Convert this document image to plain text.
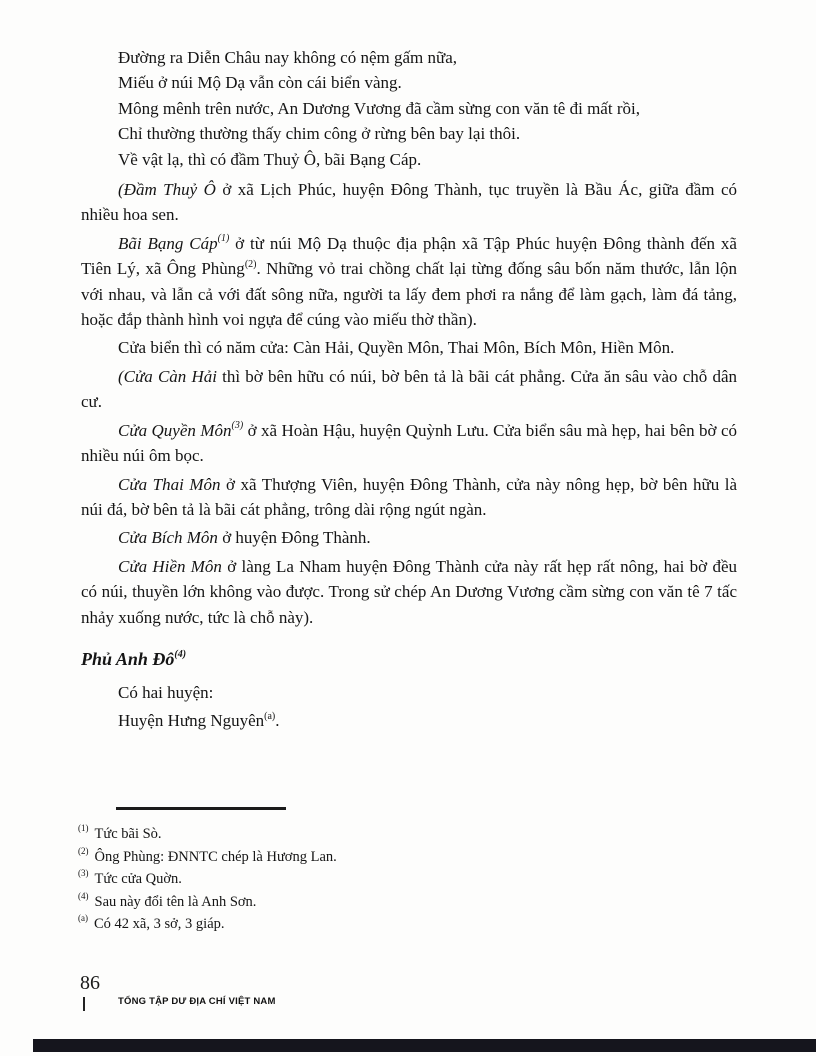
Đường ra Diễn Châu nay không có nệm gấm nữa,
Miếu ở núi Mộ Dạ vẫn còn cái biển vàng.
Mông mênh trên nước, An Dương Vương đã cầm sừng con văn tê đi mất rồi,
Chỉ thường thường thấy chim công ở rừng bên bay lại thôi.
Về vật lạ, thì có đầm Thuỷ Ô, bãi Bạng Cáp.
(Đầm Thuỷ Ô ở xã Lịch Phúc, huyện Đông Thành, tục truyền là Bầu Ác, giữa đầm có nhiều hoa sen.
Bãi Bạng Cáp$^{(1)}$ ở từ núi Mộ Dạ thuộc địa phận xã Tập Phúc huyện Đông thành đến xã Tiên Lý, xã Ông Phùng$^{(2)}$. Những vỏ trai chồng chất lại từng đống sâu bốn năm thước, lẫn lộn với nhau, và lẫn cả với đất sông nữa, người ta lấy đem phơi ra nắng để làm gạch, làm đá tảng, hoặc đắp thành hình voi ngựa để cúng vào miếu thờ thần).
Cửa biển thì có năm cửa: Càn Hải, Quyền Môn, Thai Môn, Bích Môn, Hiền Môn.
(Cửa Càn Hải thì bờ bên hữu có núi, bờ bên tả là bãi cát phẳng. Cửa ăn sâu vào chỗ dân cư.
Cửa Quyền Môn$^{(3)}$ ở xã Hoàn Hậu, huyện Quỳnh Lưu. Cửa biển sâu mà hẹp, hai bên bờ có nhiều núi ôm bọc.
Cửa Thai Môn ở xã Thượng Viên, huyện Đông Thành, cửa này nông hẹp, bờ bên hữu là núi đá, bờ bên tả là bãi cát phẳng, trông dài rộng ngút ngàn.
Cửa Bích Môn ở huyện Đông Thành.
Cửa Hiền Môn ở làng La Nham huyện Đông Thành cửa này rất hẹp rất nông, hai bờ đều có núi, thuyền lớn không vào được. Trong sử chép An Dương Vương cầm sừng con văn tê 7 tấc nhảy xuống nước, tức là chỗ này).
Phủ Anh $Đô^{(4)}$
Có hai huyện:
Huyện Hưng Nguyên$^{(a)}$.
$^{(1)}$ Tức bãi Sò.
$^{(2)}$ Ông Phùng: ĐNNTC chép là Hương Lan.
$^{(3)}$ Tức cửa Quờn.
$^{(4)}$ Sau này đổi tên là Anh Sơn.
$^{(a)}$ Có 42 xã, 3 sở, 3 giáp.
86
TỔNG TẬP DƯ ĐỊA CHÍ VIỆT NAM
